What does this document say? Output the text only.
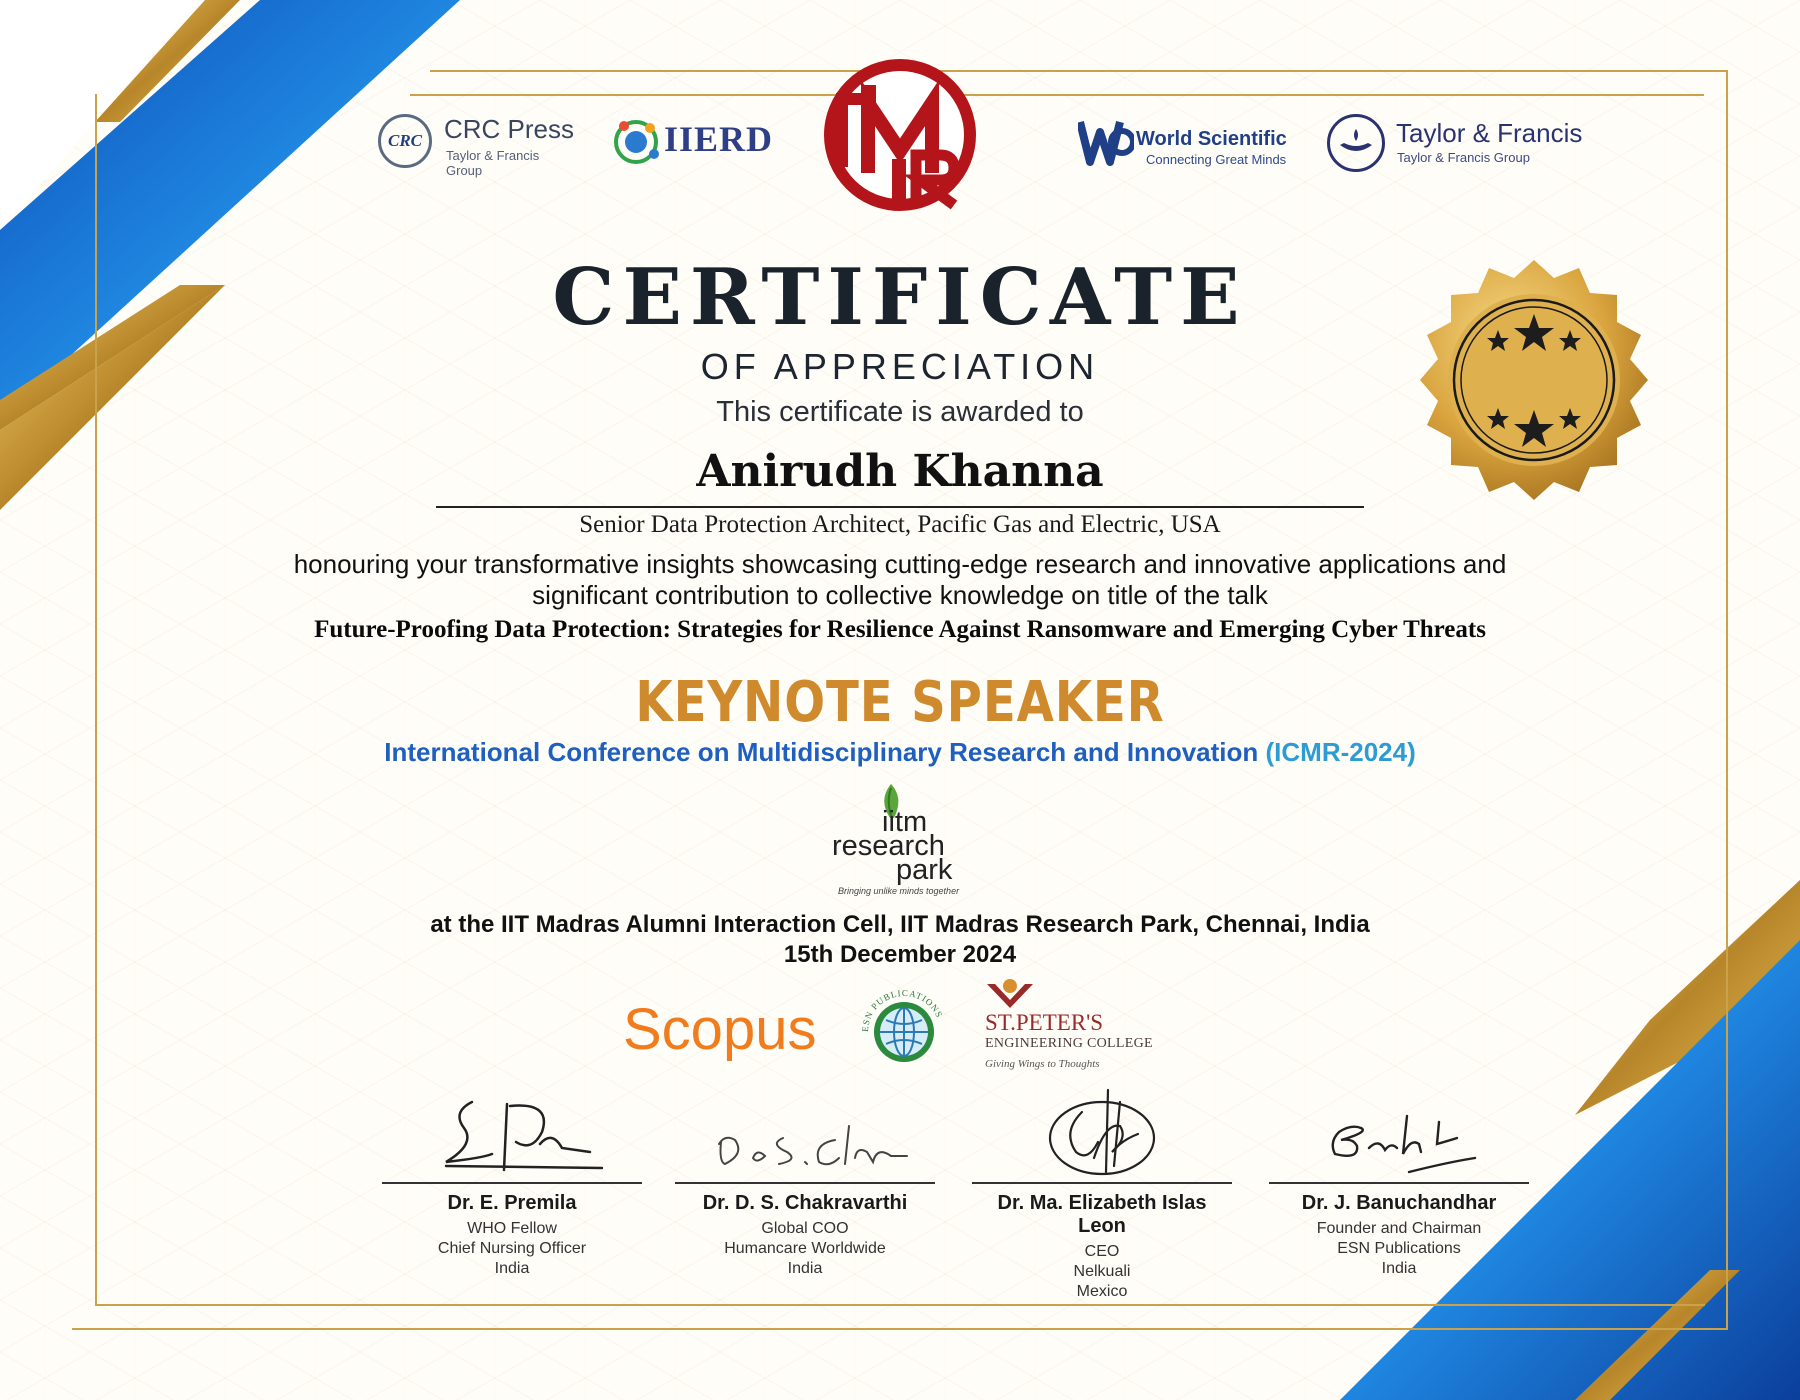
CRC CRC Press
Taylor & Francis Group
IIERD	World Scientific
Connecting Great Minds
Taylor & Francis
Taylor & Francis Group
CERTIFICATE
OF APPRECIATION
This certificate is awarded to
Anirudh Khanna
Senior Data Protection Architect, Pacific Gas and Electric, USA
honouring your transformative insights showcasing cutting-edge research and innovative applications and
significant contribution to collective knowledge on title of the talk
Future-Proofing Data Protection: Strategies for Resilience Against Ransomware and Emerging Cyber Threats
KEYNOTE SPEAKER
International Conference on Multidisciplinary Research and Innovation (ICMR-2024)
iitm
research
park
Bringing unlike minds together
at the IIT Madras Alumni Interaction Cell, IIT Madras Research Park, Chennai, India
15th December 2024
Scopus	ESN PUBLICATIONS ST.PETER'S
ENGINEERING COLLEGE
Giving Wings to Thoughts
Dr. E. Premila
WHO Fellow
Chief Nursing Officer
India
Dr. D. S. Chakravarthi
Global COO
Humancare Worldwide
India
Dr. Ma. Elizabeth Islas Leon
CEO
Nelkuali
Mexico
Dr. J. Banuchandhar
Founder and Chairman
ESN Publications
India
